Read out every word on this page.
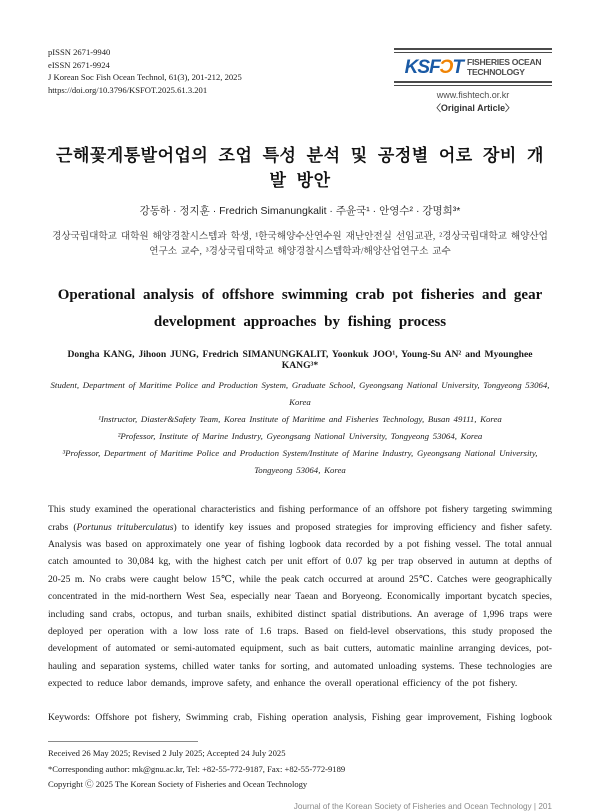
pISSN 2671-9940
eISSN 2671-9924
J Korean Soc Fish Ocean Technol, 61(3), 201-212, 2025
https://doi.org/10.3796/KSFOT.2025.61.3.201
KSFƆT FISHERIES OCEAN
TECHNOLOGY
www.fishtech.or.kr
〈Original Article〉
근해꽃게통발어업의 조업 특성 분석 및 공정별 어로 장비 개발 방안
강동하 · 정지훈 · Fredrich Simanungkalit · 주윤국¹ · 안영수² · 강명희³*
경상국립대학교 대학원 해양경찰시스템과 학생, ¹한국해양수산연수원 재난안전실 선임교관, ²경상국립대학교 해양산업연구소 교수, ³경상국립대학교 해양경찰시스템학과/해양산업연구소 교수
Operational analysis of offshore swimming crab pot fisheries and gear
development approaches by fishing process
Dongha KANG, Jihoon JUNG, Fredrich SIMANUNGKALIT, Yoonkuk JOO¹, Young-Su AN² and Myounghee KANG³*
Student, Department of Maritime Police and Production System, Graduate School, Gyeongsang National University, Tongyeong 53064, Korea
¹Instructor, Diaster&Safety Team, Korea Institute of Maritime and Fisheries Technology, Busan 49111, Korea
²Professor, Institute of Marine Industry, Gyeongsang National University, Tongyeong 53064, Korea
³Professor, Department of Maritime Police and Production System/Institute of Marine Industry, Gyeongsang National University, Tongyeong 53064, Korea

This study examined the operational characteristics and fishing performance of an offshore pot fishery targeting swimming crabs (Portunus trituberculatus) to identify key issues and proposed strategies for improving efficiency and fisher safety. Analysis was based on approximately one year of fishing logbook data recorded by a pot fishing vessel. The total annual catch amounted to 30,084 kg, with the highest catch per unit effort of 0.07 kg per trap observed in autumn at depths of 20-25 m. No crabs were caught below 15℃, while the peak catch occurred at around 25℃. Catches were geographically concentrated in the mid-northern West Sea, especially near Taean and Boryeong. Economically important bycatch species, including sand crabs, octopus, and turban snails, exhibited distinct spatial distributions. An average of 1,996 traps were deployed per operation with a low loss rate of 1.6 traps. Based on field-level observations, this study proposed the development of automated or semi-automated equipment, such as bait cutters, automatic mainline arranging devices, pot-hauling and separation systems, chilled water tanks for sorting, and automated unloading systems. These technologies are expected to reduce labor demands, improve safety, and enhance the overall operational efficiency of the pot fishery.

Keywords: Offshore pot fishery, Swimming crab, Fishing operation analysis, Fishing gear improvement, Fishing logbook

Received 26 May 2025; Revised 2 July 2025; Accepted 24 July 2025
*Corresponding author: mk@gnu.ac.kr, Tel: +82-55-772-9187, Fax: +82-55-772-9189
Copyright Ⓒ 2025 The Korean Society of Fisheries and Ocean Technology
Journal of the Korean Society of Fisheries and Ocean Technology | 201
